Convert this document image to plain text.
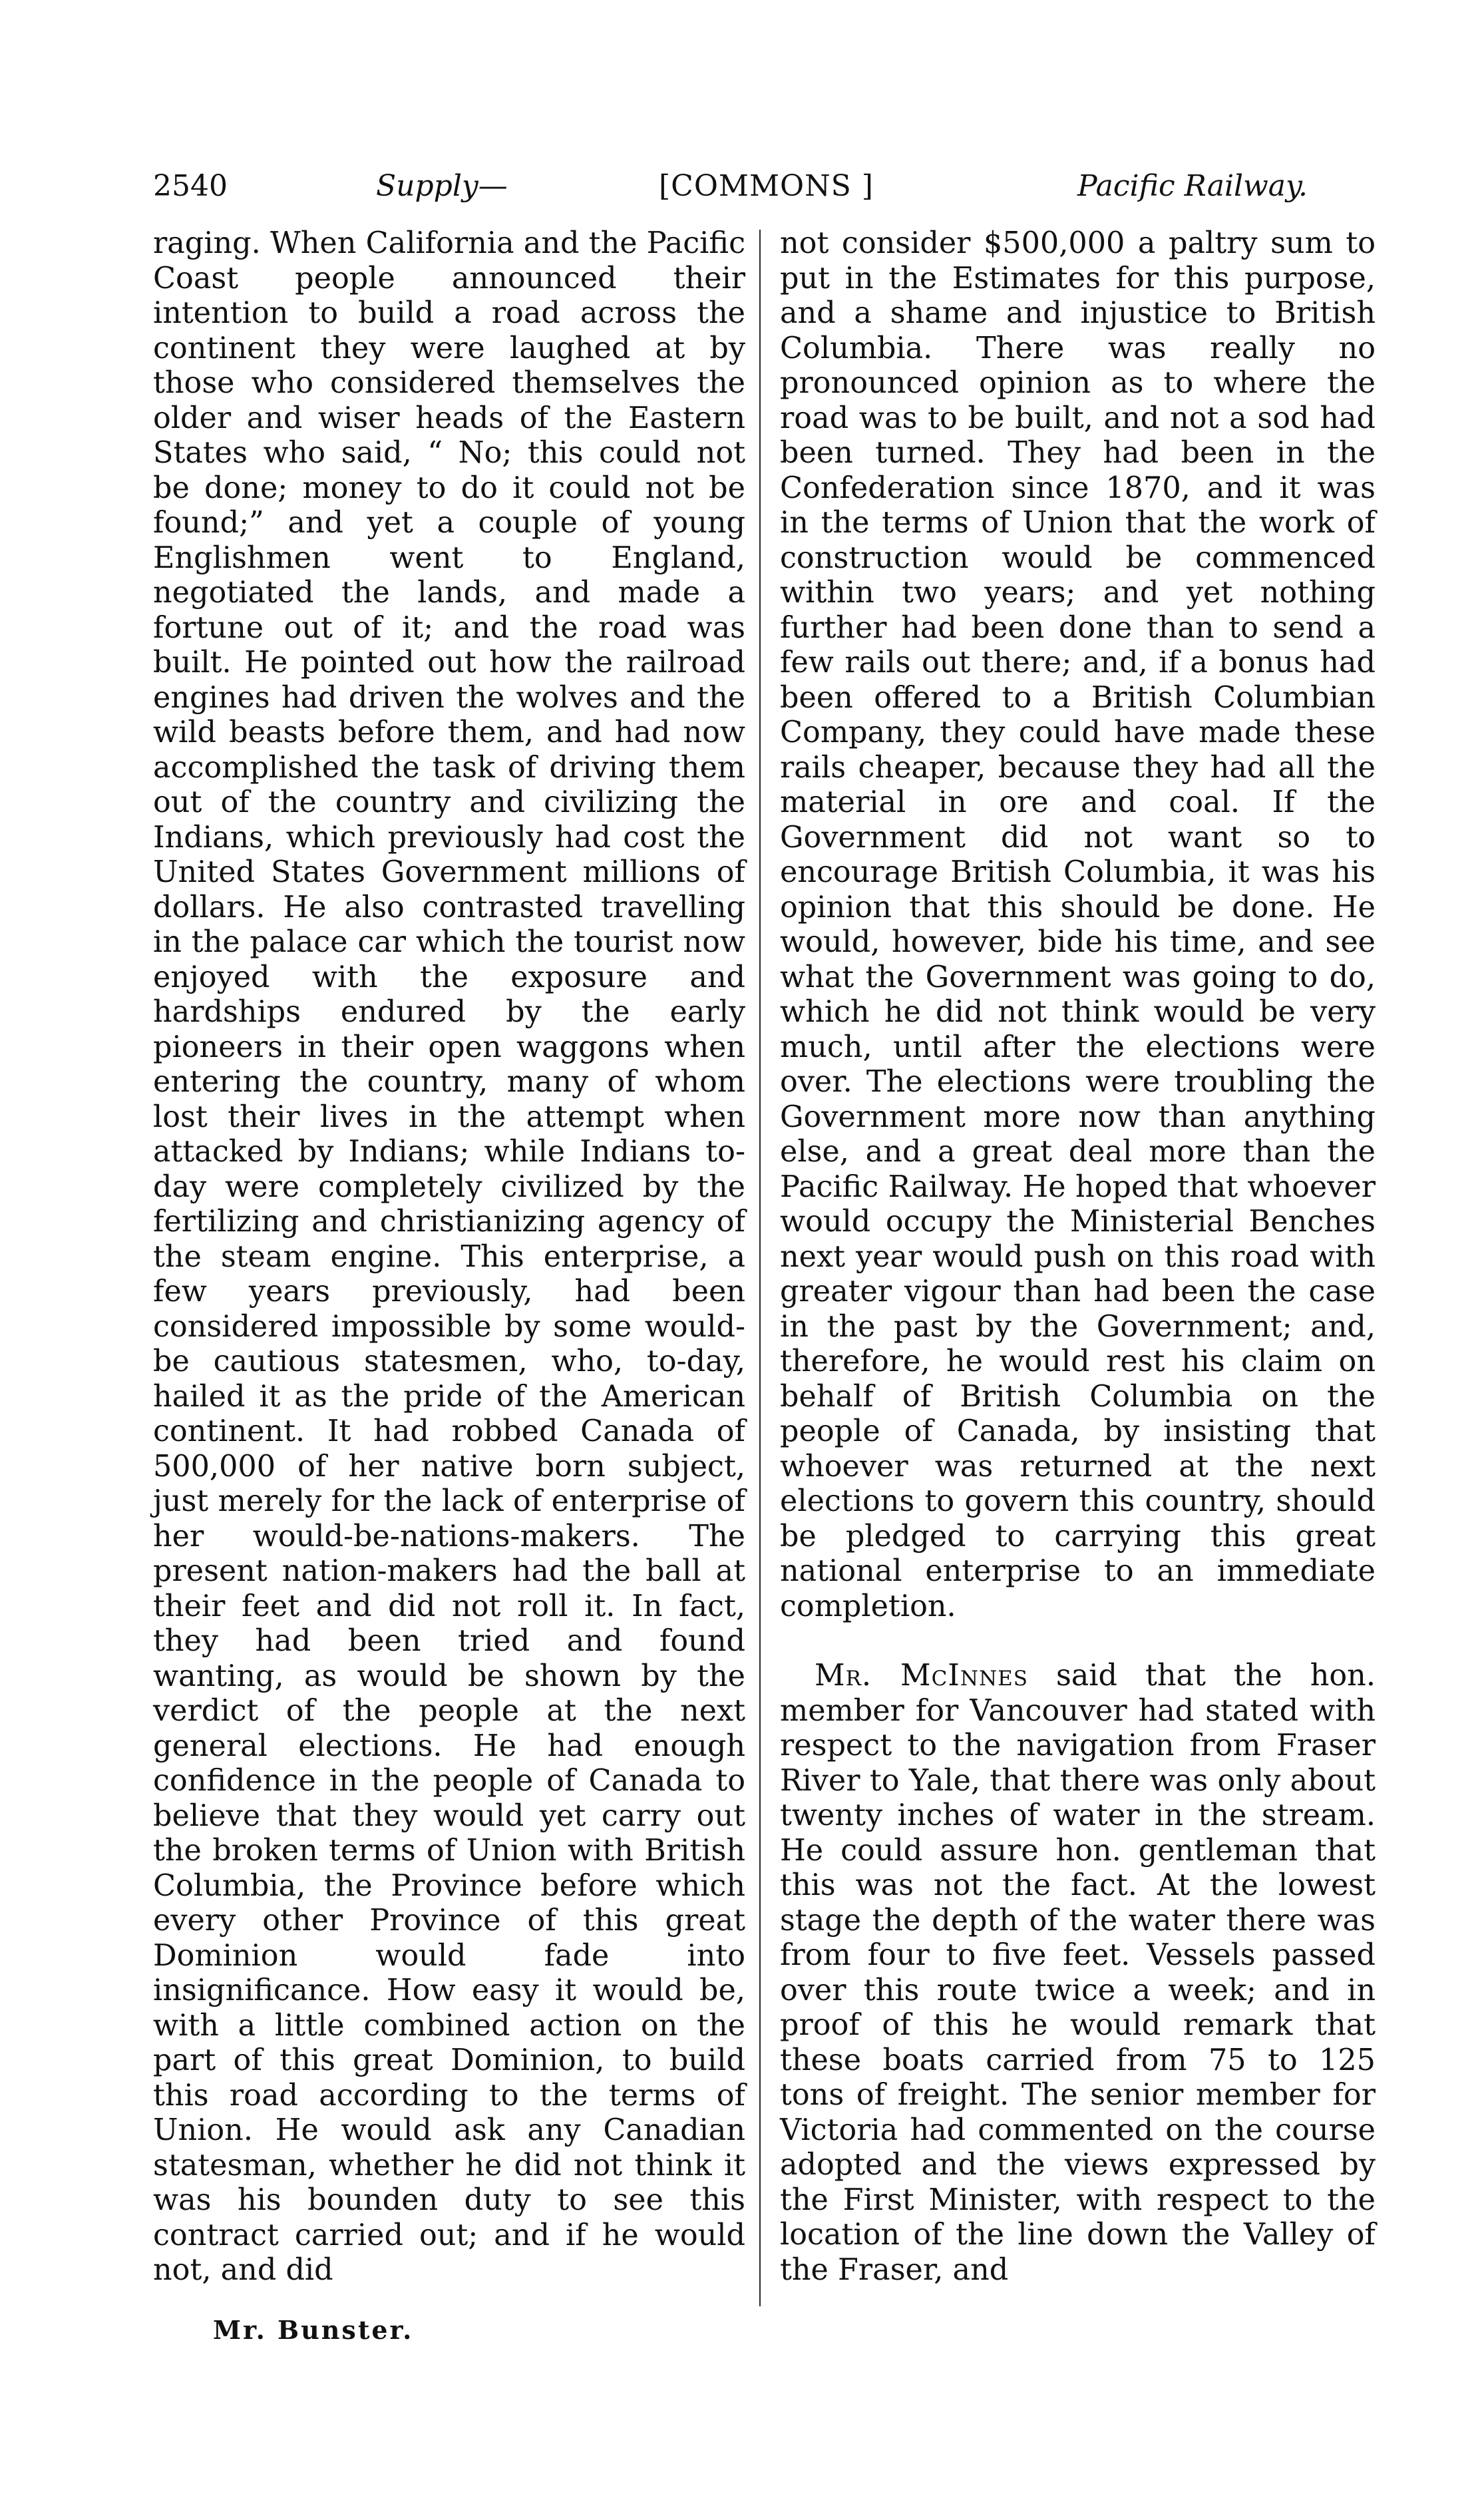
2540	Supply—	[COMMONS ]	Pacific Railway.

raging. When California and the Pacific Coast people announced their intention to build a road across the continent they were laughed at by those who considered themselves the older and wiser heads of the Eastern States who said, “ No; this could not be done; money to do it could not be found;” and yet a couple of young Englishmen went to England, negotiated the lands, and made a fortune out of it; and the road was built. He pointed out how the railroad engines had driven the wolves and the wild beasts before them, and had now accomplished the task of driving them out of the country and civilizing the Indians, which previously had cost the United States Government millions of dollars. He also contrasted travelling in the palace car which the tourist now enjoyed with the exposure and hardships endured by the early pioneers in their open waggons when entering the country, many of whom lost their lives in the attempt when attacked by Indians; while Indians to-day were completely civilized by the fertilizing and christianizing agency of the steam engine. This enterprise, a few years previously, had been considered impossible by some would-be cautious statesmen, who, to-day, hailed it as the pride of the American continent. It had robbed Canada of 500,000 of her native born subject, just merely for the lack of enterprise of her would-be-nations-makers. The present nation-makers had the ball at their feet and did not roll it. In fact, they had been tried and found wanting, as would be shown by the verdict of the people at the next general elections. He had enough confidence in the people of Canada to believe that they would yet carry out the broken terms of Union with British Columbia, the Province before which every other Province of this great Dominion would fade into insignificance. How easy it would be, with a little combined action on the part of this great Dominion, to build this road according to the terms of Union. He would ask any Canadian statesman, whether he did not think it was his bounden duty to see this contract carried out; and if he would not, and did

not consider $500,000 a paltry sum to put in the Estimates for this purpose, and a shame and injustice to British Columbia. There was really no pronounced opinion as to where the road was to be built, and not a sod had been turned. They had been in the Confederation since 1870, and it was in the terms of Union that the work of construction would be commenced within two years; and yet nothing further had been done than to send a few rails out there; and, if a bonus had been offered to a British Columbian Company, they could have made these rails cheaper, because they had all the material in ore and coal. If the Government did not want so to encourage British Columbia, it was his opinion that this should be done. He would, however, bide his time, and see what the Government was going to do, which he did not think would be very much, until after the elections were over. The elections were troubling the Government more now than anything else, and a great deal more than the Pacific Railway. He hoped that whoever would occupy the Ministerial Benches next year would push on this road with greater vigour than had been the case in the past by the Government; and, therefore, he would rest his claim on behalf of British Columbia on the people of Canada, by insisting that whoever was returned at the next elections to govern this country, should be pledged to carrying this great national enterprise to an immediate completion.

Mr. McInnes said that the hon. member for Vancouver had stated with respect to the navigation from Fraser River to Yale, that there was only about twenty inches of water in the stream. He could assure hon. gentleman that this was not the fact. At the lowest stage the depth of the water there was from four to five feet. Vessels passed over this route twice a week; and in proof of this he would remark that these boats carried from 75 to 125 tons of freight. The senior member for Victoria had commented on the course adopted and the views expressed by the First Minister, with respect to the location of the line down the Valley of the Fraser, and

Mr. Bunster.
